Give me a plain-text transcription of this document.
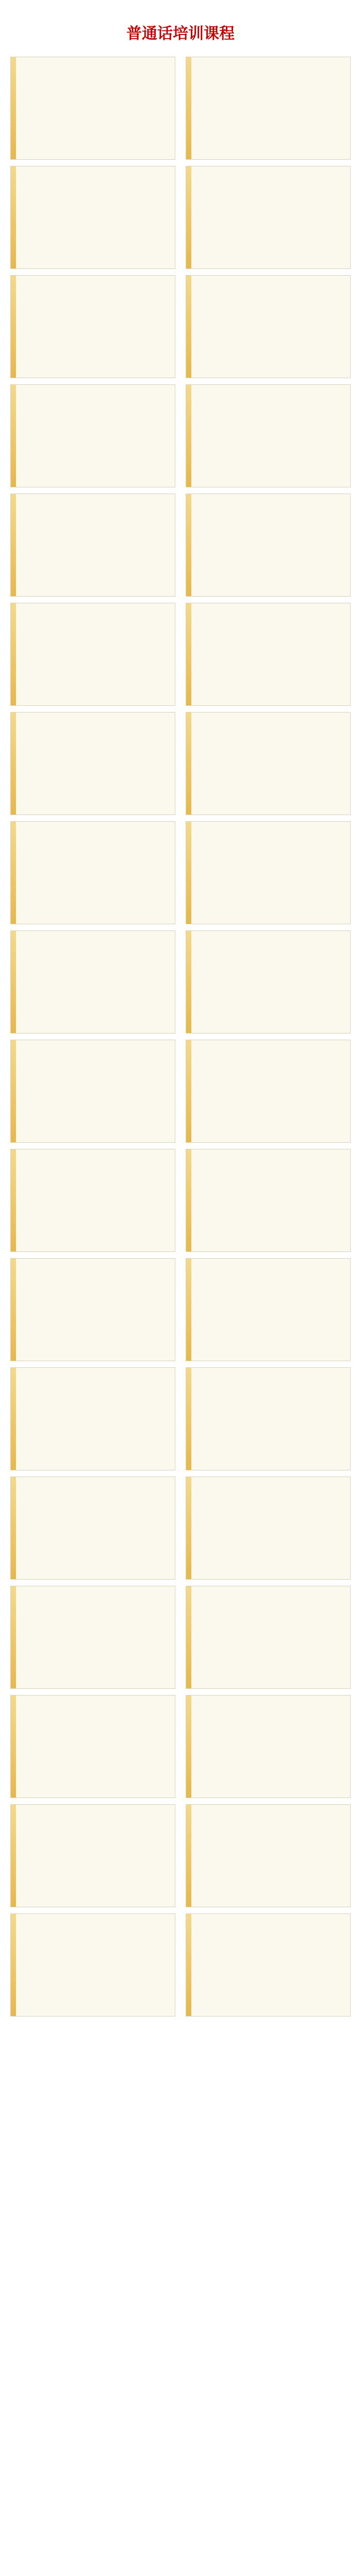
普通话培训课程
